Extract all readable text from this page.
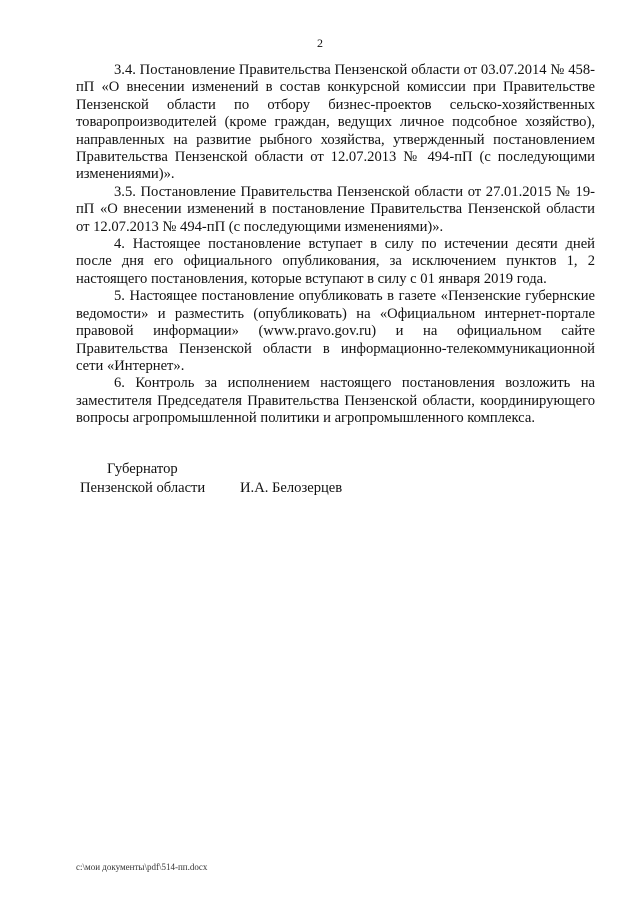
2

3.4. Постановление Правительства Пензенской области от 03.07.2014 № 458-пП «О внесении изменений в состав конкурсной комиссии при Правительстве Пензенской области по отбору бизнес-проектов сельско-хозяйственных товаропроизводителей (кроме граждан, ведущих личное подсобное хозяйство), направленных на развитие рыбного хозяйства, утвержденный постановлением Правительства Пензенской области от 12.07.2013 № 494-пП (с последующими изменениями)».

3.5. Постановление Правительства Пензенской области от 27.01.2015 № 19-пП «О внесении изменений в постановление Правительства Пензенской области от 12.07.2013 № 494-пП (с последующими изменениями)».

4. Настоящее постановление вступает в силу по истечении десяти дней после дня его официального опубликования, за исключением пунктов 1, 2 настоящего постановления, которые вступают в силу с 01 января 2019 года.

5. Настоящее постановление опубликовать в газете «Пензенские губернские ведомости» и разместить (опубликовать) на «Официальном интернет-портале правовой информации» (www.pravo.gov.ru) и на официальном сайте Правительства Пензенской области в информационно-телекоммуникационной сети «Интернет».

6. Контроль за исполнением настоящего постановления возложить на заместителя Председателя Правительства Пензенской области, координирующего вопросы агропромышленной политики и агропромышленного комплекса.

Губернатор
Пензенской области	И.А. Белозерцев
c:\мои документы\pdf\514-пп.docx
